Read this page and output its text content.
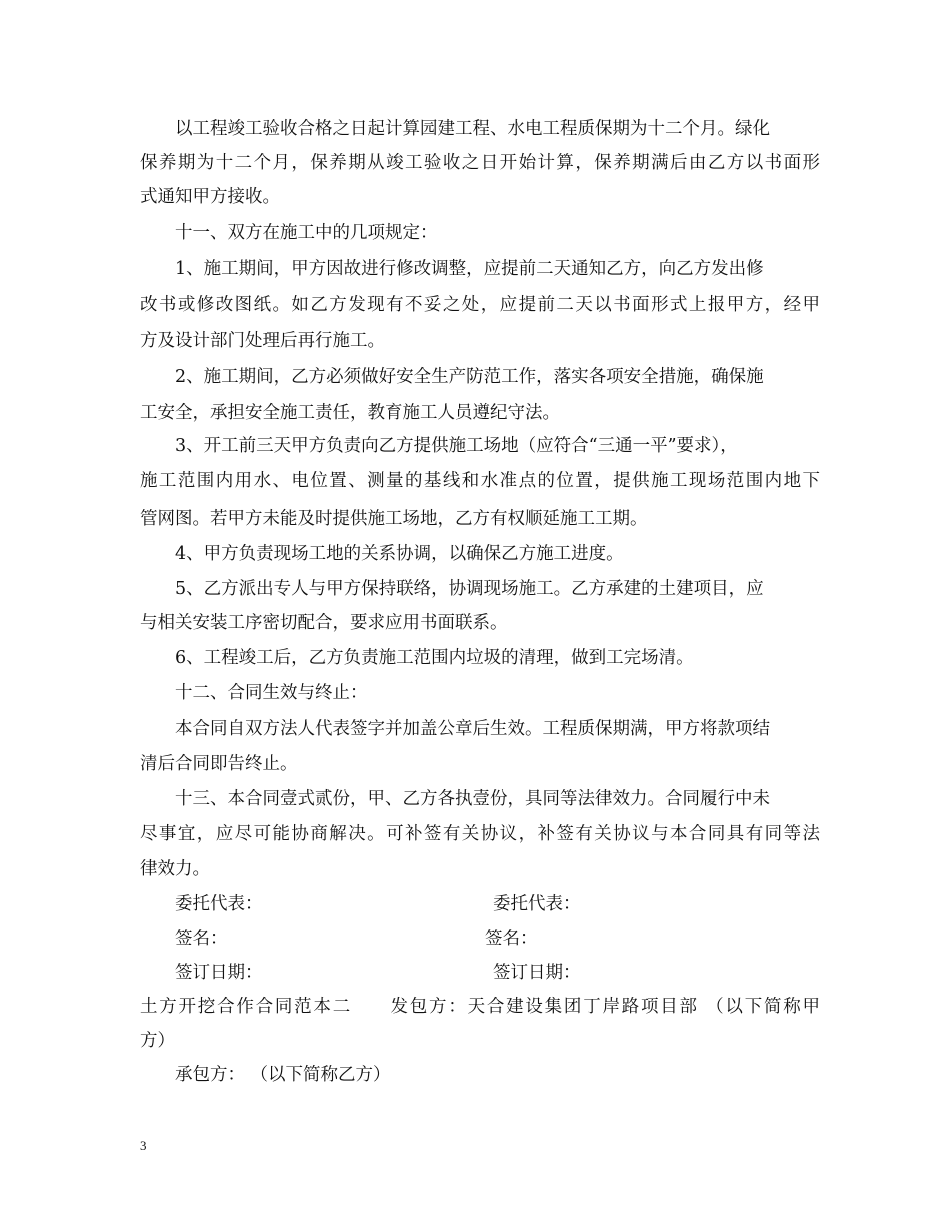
以工程竣工验收合格之日起计算园建工程、水电工程质保期为十二个月。绿化
保养期为十二个月，保养期从竣工验收之日开始计算，保养期满后由乙方以书面形
式通知甲方接收。
十一、双方在施工中的几项规定：
1、施工期间，甲方因故进行修改调整，应提前二天通知乙方，向乙方发出修
改书或修改图纸。如乙方发现有不妥之处，应提前二天以书面形式上报甲方，经甲
方及设计部门处理后再行施工。
2、施工期间，乙方必须做好安全生产防范工作，落实各项安全措施，确保施
工安全，承担安全施工责任，教育施工人员遵纪守法。
3、开工前三天甲方负责向乙方提供施工场地（应符合“三通一平”要求），
施工范围内用水、电位置、测量的基线和水准点的位置，提供施工现场范围内地下
管网图。若甲方未能及时提供施工场地，乙方有权顺延施工工期。
4、甲方负责现场工地的关系协调，以确保乙方施工进度。
5、乙方派出专人与甲方保持联络，协调现场施工。乙方承建的土建项目，应
与相关安装工序密切配合，要求应用书面联系。
6、工程竣工后，乙方负责施工范围内垃圾的清理，做到工完场清。
十二、合同生效与终止：
本合同自双方法人代表签字并加盖公章后生效。工程质保期满，甲方将款项结
清后合同即告终止。
十三、本合同壹式贰份，甲、乙方各执壹份，具同等法律效力。合同履行中未
尽事宜，应尽可能协商解决。可补签有关协议，补签有关协议与本合同具有同等法
律效力。
委托代表：	委托代表：
签名：	签名：
签订日期：	签订日期：
土方开挖合作合同范本二　　发包方：天合建设集团丁岸路项目部 （以下简称甲
方）
承包方： （以下简称乙方）
3
